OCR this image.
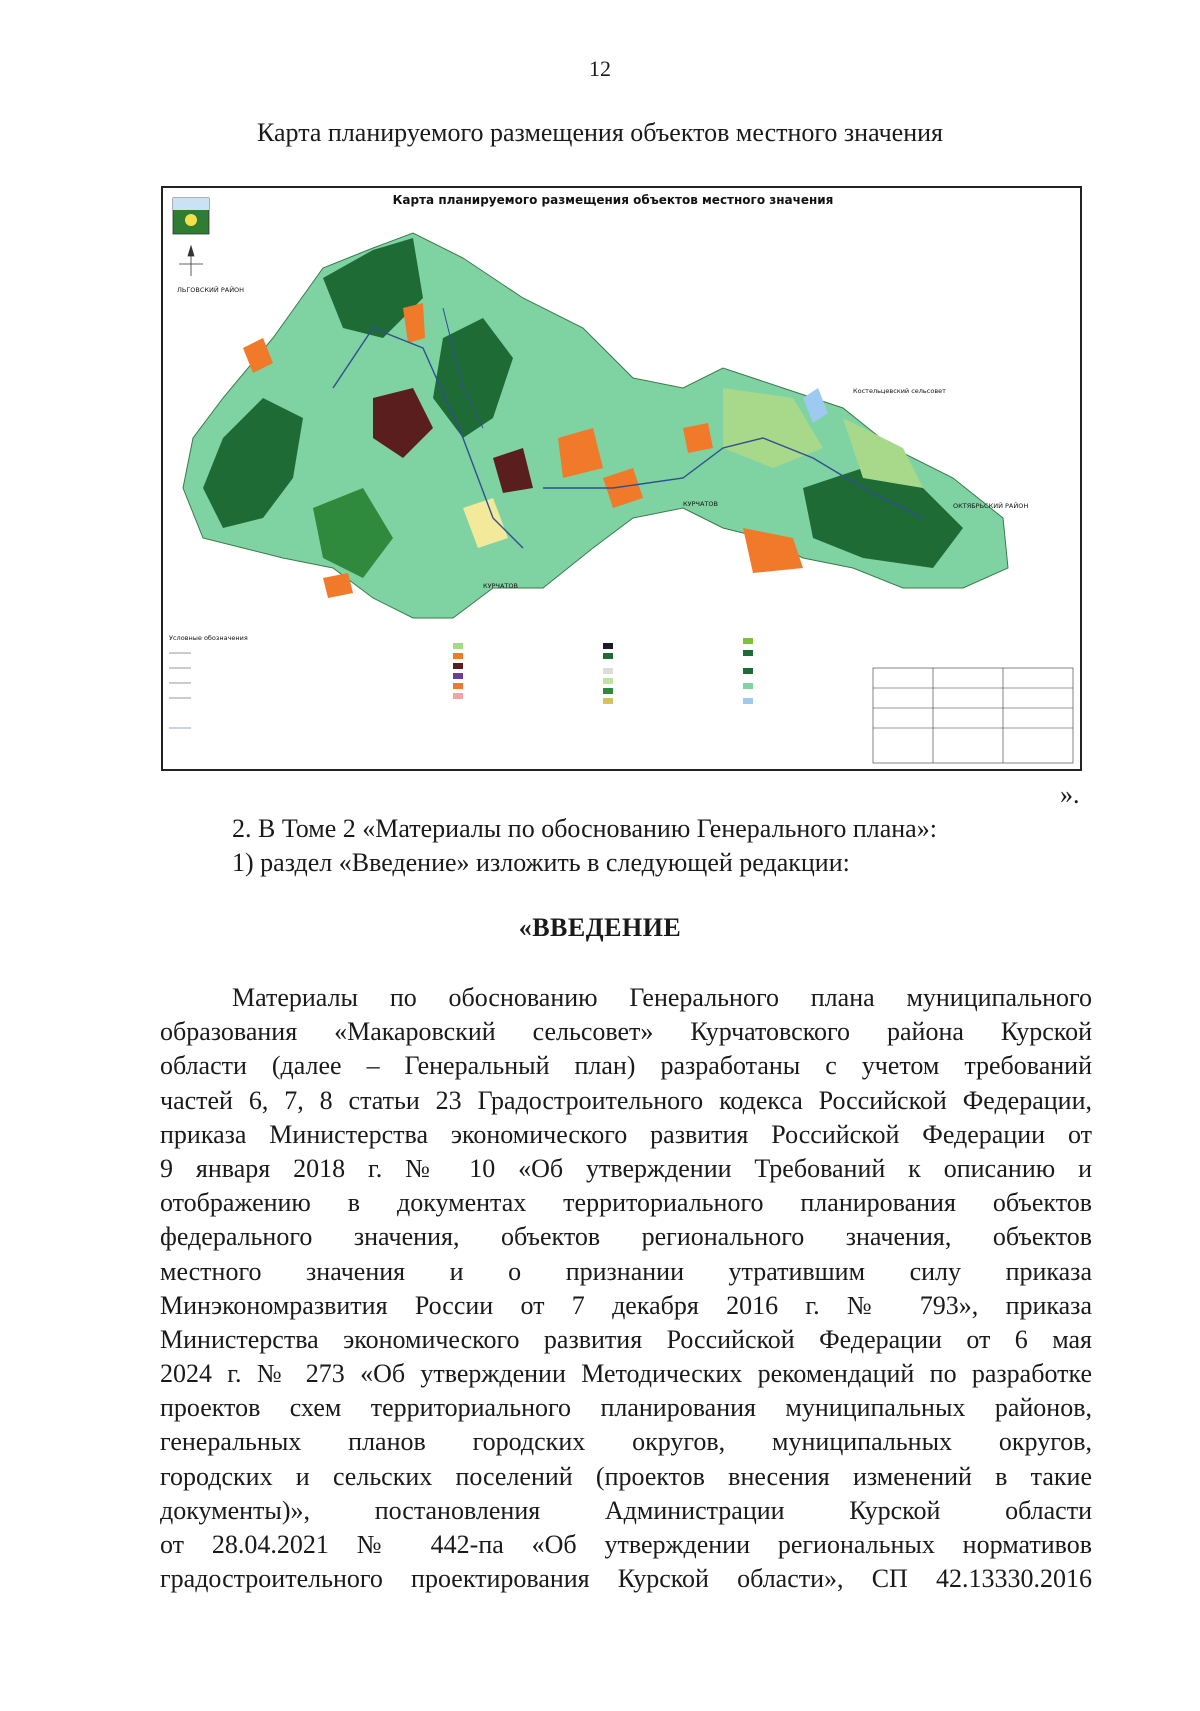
12
Карта планируемого размещения объектов местного значения
Карта планируемого размещения объектов местного значения
ЛЬГОВСКИЙ РАЙОН
КУРЧАТОВ
КУРЧАТОВ	ОКТЯБРЬСКИЙ РАЙОН
Костельцевский сельсовет
Условные обозначения
».
2. В Томе 2 «Материалы по обоснованию Генерального плана»:
1) раздел «Введение» изложить в следующей редакции:
«ВВЕДЕНИЕ
Материалы по обоснованию Генерального плана муниципального
образования «Макаровский сельсовет» Курчатовского района Курской
области (далее – Генеральный план) разработаны с учетом требований
частей 6, 7, 8 статьи 23 Градостроительного кодекса Российской Федерации,
приказа Министерства экономического развития Российской Федерации от
9 января 2018 г. № 10 «Об утверждении Требований к описанию и
отображению в документах территориального планирования объектов
федерального значения, объектов регионального значения, объектов
местного значения и о признании утратившим силу приказа
Минэкономразвития России от 7 декабря 2016 г. № 793», приказа
Министерства экономического развития Российской Федерации от 6 мая
2024 г. № 273 «Об утверждении Методических рекомендаций по разработке
проектов схем территориального планирования муниципальных районов,
генеральных планов городских округов, муниципальных округов,
городских и сельских поселений (проектов внесения изменений в такие
документы)», постановления Администрации Курской области
от 28.04.2021 № 442-па «Об утверждении региональных нормативов
градостроительного проектирования Курской области», СП 42.13330.2016
